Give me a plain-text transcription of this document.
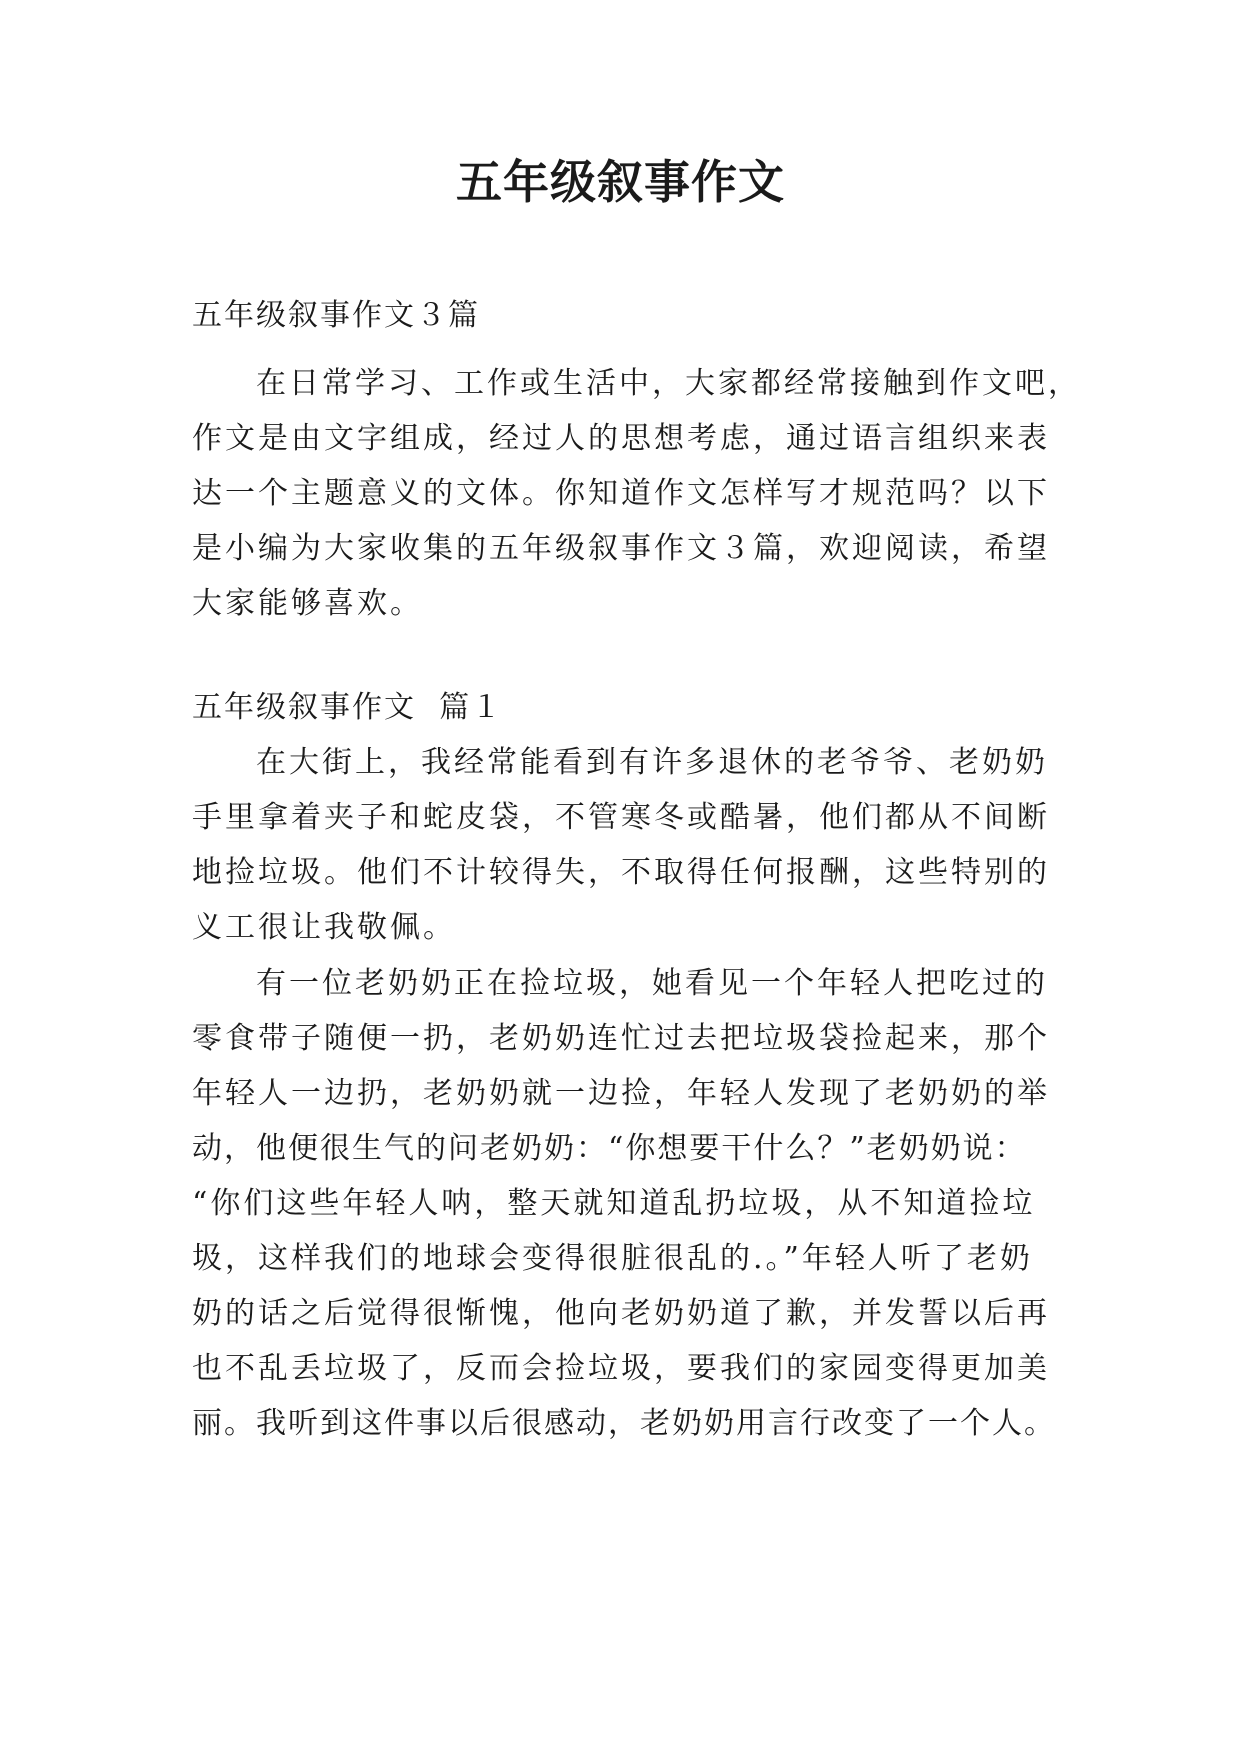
五年级叙事作文
五年级叙事作文３篇
在日常学习、工作或生活中，大家都经常接触到作文吧，
作文是由文字组成，经过人的思想考虑，通过语言组织来表
达一个主题意义的文体。你知道作文怎样写才规范吗？以下
是小编为大家收集的五年级叙事作文３篇，欢迎阅读，希望
大家能够喜欢。
五年级叙事作文  篇１
在大街上，我经常能看到有许多退休的老爷爷、老奶奶
手里拿着夹子和蛇皮袋，不管寒冬或酷暑，他们都从不间断
地捡垃圾。他们不计较得失，不取得任何报酬，这些特别的
义工很让我敬佩。
有一位老奶奶正在捡垃圾，她看见一个年轻人把吃过的
零食带子随便一扔，老奶奶连忙过去把垃圾袋捡起来，那个
年轻人一边扔，老奶奶就一边捡，年轻人发现了老奶奶的举
动，他便很生气的问老奶奶：“你想要干什么？”老奶奶说：
“你们这些年轻人呐，整天就知道乱扔垃圾，从不知道捡垃
圾，这样我们的地球会变得很脏很乱的.。”年轻人听了老奶
奶的话之后觉得很惭愧，他向老奶奶道了歉，并发誓以后再
也不乱丢垃圾了，反而会捡垃圾，要我们的家园变得更加美
丽。我听到这件事以后很感动，老奶奶用言行改变了一个人。
